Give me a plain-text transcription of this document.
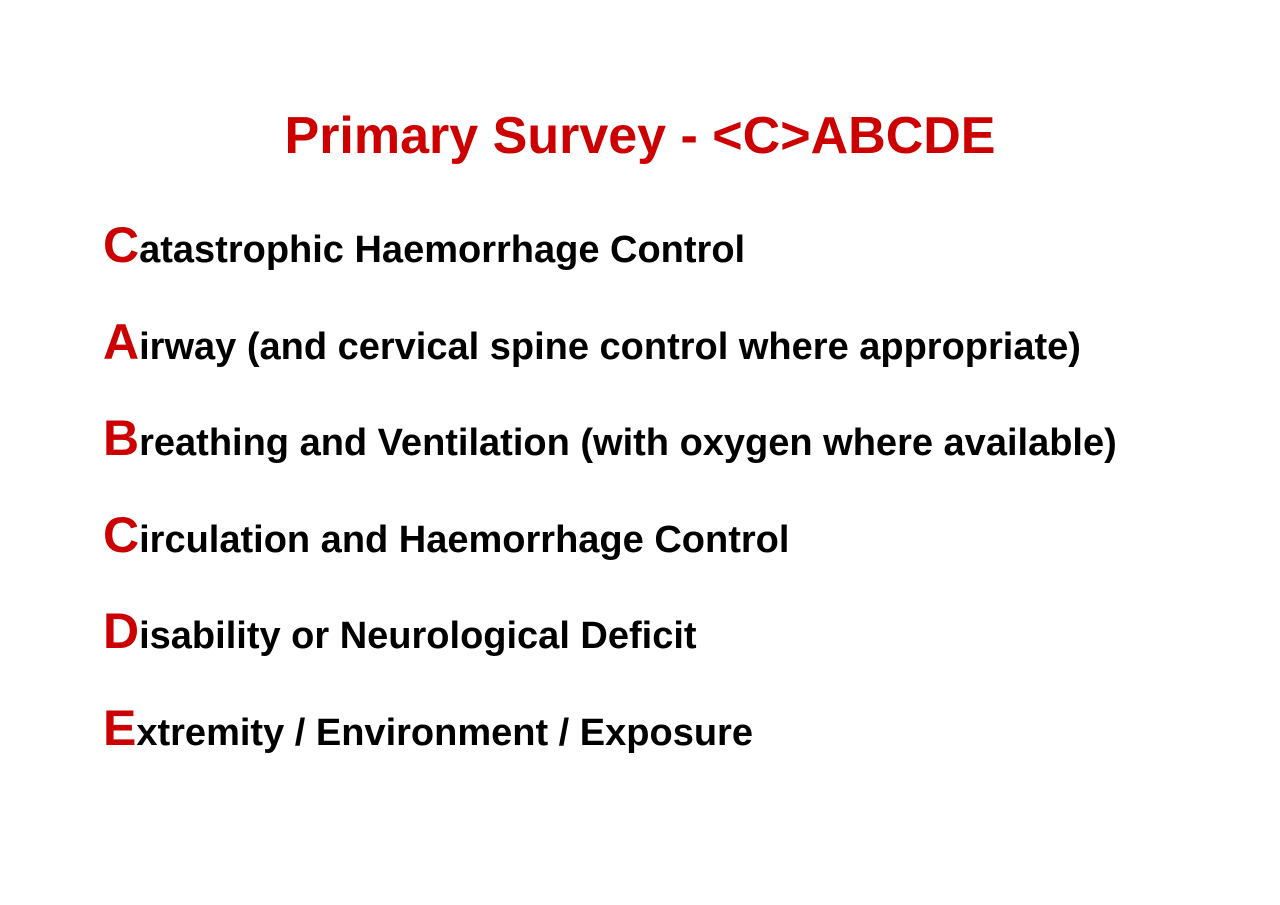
Primary Survey - <C>ABCDE
C atastrophic Haemorrhage Control
A irway (and cervical spine control where appropriate)
B reathing and Ventilation (with oxygen where available)
C irculation and Haemorrhage Control
D isability or Neurological Deficit
E xtremity / Environment / Exposure
